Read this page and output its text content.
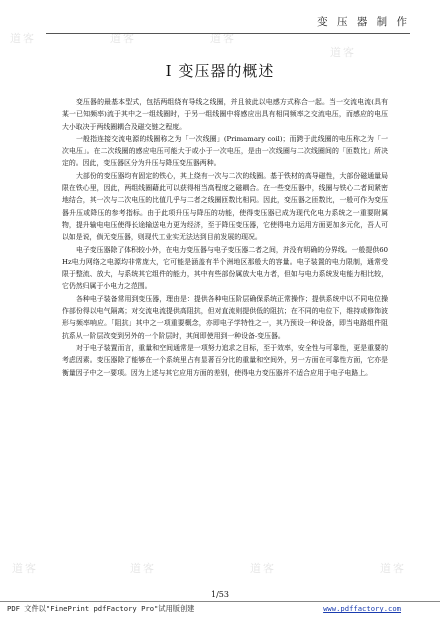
道客	道客	道客
道客
道客	道客	道客	道客
变 压 器 制 作
I 变压器的概述

变压器的最基本型式，包括两组绕有导线之线圈，并且彼此以电感方式称合一起。当一交流电流(具有某一已知频率)流于其中之一组线圈时，于另一组线圈中将感应出具有相同频率之交流电压，而感应的电压大小取决于两线圈耦合及磁交链之程度。

一般指连接交流电源的线圈称之为「一次线圈」(Primamary coil)；而跨于此线圈的电压称之为「一次电压」。在二次线圈的感应电压可能大于或小于一次电压，是由一次线圈与二次线圈间的「匝数比」所决定的。因此，变压器区分为升压与降压变压器两种。

大部份的变压器均有固定的铁心，其上绕有一次与二次的线圈。基于铁材的高导磁性，大部份磁通量局限在铁心里，因此，两组线圈藉此可以获得相当高程度之磁耦合。在一些变压器中，线圈与铁心二者间紧密地结合，其一次与二次电压的比值几乎与二者之线圈匝数比相同。因此，变压器之匝数比，一般可作为变压器升压或降压的参考指标。由于此项升压与降压的功能，使得变压器已成为现代化电力系统之一重要附属物，提升输电电压使得长途输送电力更为经济，至于降压变压器，它使得电力运用方面更加多元化，吾人可以如是说，倘无变压器，则现代工业实无法达到目前发展的现况。

电子变压器除了体积较小外，在电力变压器与电子变压器二者之间，并没有明确的分界线。一般提供60Hz电力网络之电源均非常庞大，它可能是涵盖有半个洲地区那般大的容量。电子装置的电力限制，通常受限于整流、放大，与系统其它组件的能力，其中有些部份属放大电力者，但如与电力系统发电能力相比较，它仍然归属于小电力之范围。

各种电子装备常用到变压器，理由是：提供各种电压阶层确保系统正常操作；提供系统中以不同电位操作部份得以电气隔离；对交流电流提供高阻抗，但对直流则提供低的阻抗；在不同的电位下，维持或修饰波形与频率响应。「阻抗」其中之一项重要概念，亦即电子学特性之一，其乃预设一种设备，即当电路组件阻抗系从一阶层改变到另外的一个阶层时，其间即使用到一种设备-变压器。

对于电子装置而言，重量和空间通常是一项努力追求之目标，至于效率，安全性与可靠性，更是重要的考虑因素。变压器除了能够在一个系统里占有显著百分比的重量和空间外，另一方面在可靠性方面，它亦是衡量因子中之一要项。因为上述与其它应用方面的差别，使得电力变压器并不适合应用于电子电路上。

1/53
PDF 文件以"FinePrint pdfFactory Pro"试用版创建	www.pdffactory.com
